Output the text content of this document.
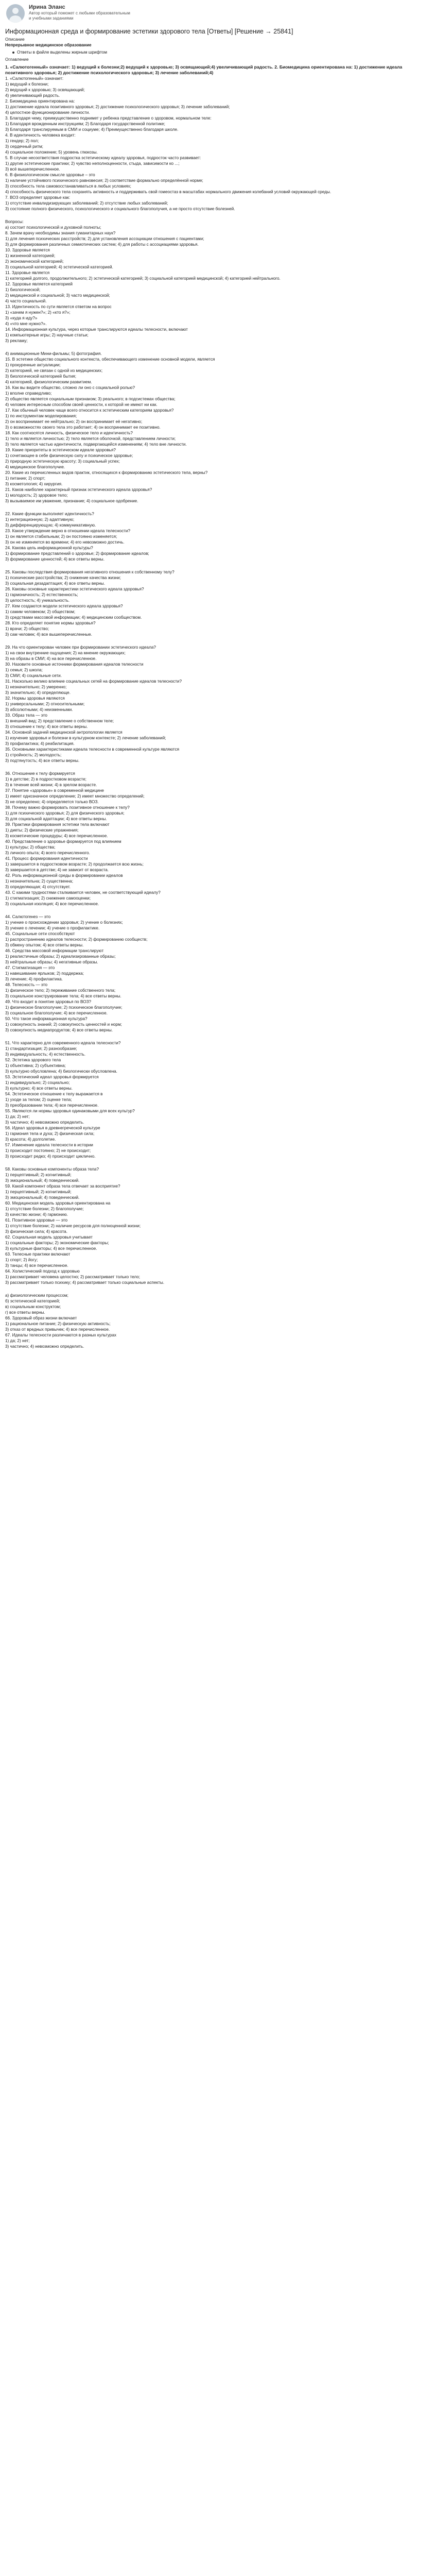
Ирина Эланс
Автор который поможет с любыми образовательным и учебными заданиями
Информационная среда и формирование эстетики здорового тела [Ответы] [Решение → 25841]
Описание
Непрерывное медицинское образование
Ответы в файле выделены жирным шрифтом
Оглавление
1. «Салютогенный» означает: 1) ведущий к болезни;2) ведущий к здоровью; 3) освящающий;4) увеличивающий радость. 2. Биомедицина ориентирована на: 1) достижение идеала позитивного здоровья; 2) достижение психологического здоровья; 3) лечение заболеваний;4)
1. «Салютогенный» означает:
1) ведущий к болезни;
2) ведущий к здоровью; 3) освящающий;
4) увеличивающий радость.
2. Биомедицина ориентирована на:
1) достижение идеала позитивного здоровья; 2) достижение психологического здоровья; 3) лечение заболеваний;
4) целостное функционирование личности.
3. Благодаря чему, преимущественно поднимет у ребенка представление о здоровом, нормальном теле:
1) Благодаря врожденным инструкциям; 2) Благодаря государственной политике;
3) Благодаря транслируемым в СМИ и социуме; 4) Преимущественно благодаря школе.
4. В идентичность человека входит:
1) гендер; 2) пол;
3) сердечный ритм;
4) социальное положение; 5) уровень глюкозы.
5. В случае несоответствия подростка эстетическому идеалу здоровья, подросток часто развивает:
1) другие эстетические практики; 2) чувство неполноценности, стыда, зависимости ко ...;
3) всё вышеперечисленное.
6. В физиологическом смысле здоровье – это
1) наличие устойчивого психического равновесия; 2) соответствие формально определённой норме;
3) способность тела самовосстанавливаться в любых условиях;
4) способность физического тела сохранять активность и поддерживать свой гомеостаз в масштабах нормального движения колебаний условий окружающей среды.
7. ВОЗ определяет здоровье как:
1) отсутствие инвалидизирующих заболеваний; 2) отсутствие любых заболеваний;
3) состояние полного физического, психологического и социального благополучия, а не просто отсутствие болезней.
Вопросы:
а) состоит психологической и духовной полноты;
8. Зачем врачу необходимы знания гуманитарных наук?
1) для лечения психических расстройств; 2) для установления ассоциации отношения с пациентами;
3) для формирования различных семиотических систем; 4) для работы с ассоциациями здоровья.
10. Здоровье является
1) жизненной категорией;
2) экономической категорией;
3) социальной категорией; 4) эстетической категорией.
11. Здоровье является
1) категорией долгого, продолжительного; 2) эстетической категорией; 3) социальной категорией медицинской; 4) категорией нейтрального.
12. Здоровье является категорией
1) биологической;
2) медицинской и социальной; 3) часто медицинской;
4) часто социальной.
13. Идентичность по сути является ответом на вопрос
1) «зачем я нужен?»; 2) «кто я?»;
3) «куда я иду?»
4) «что мне нужно?».
14. Информационная культура, через которые транслируются идеалы телесности, включают
1) компьютерные игры; 2) научные статьи;
3) рекламу;
4) анимационные Мини-фильмы; 5) фотография.
15. В эстетике общество социального контекста, обеспечивающего изменение основной модели, является
1) прокуренные актуалиции;
2) категорией, не связан с одной из медицинских;
3) биологической категорией бытия;
4) категорией, физиологическим развитием.
16. Как вы видите общество, сложно ли оно с социальной ролью?
1) вполне справедливо;
2) общество является социальным признаком; 3) реального; в подсистемах общества;
4) человек интересным способом своей ценности, к которой не имеют ни как.
17. Как обычный человек чаще всего относится к эстетическим категориям здоровья?
1) по инструментам моделирования;
2) он воспринимает ее нейтрально; 2) он воспринимает её негативно;
3) о возможностях своего тела это работает; 4) он воспринимает ее позитивно.
18. Как соотносятся личность, физическое тело и идентичность?
1) тело и является личностью; 2) тело является оболочкой, представлением личности;
3) тело является частью идентичности, подвергающейся изменениям; 4) тело вне личности.
19. Какие приоритеты в эстетическом идеале здоровья?
1) сочетающее в себе физическую силу и психическое здоровье;
2) природную эстетическую красоту; 3) социальный успех;
4) медицинское благополучие.
20. Какие из перечисленных видов практик, относящихся к формированию эстетического тела, верны?
1) питание; 2) спорт;
3) косметология; 4) хирургия.
21. Каков наиболее характерный признак эстетического идеала здоровья?
1) молодость; 2) здоровое тело;
3) вызываемое им уважение, признание; 4) социальное одобрение.
22. Какие функции выполняет идентичность?
1) интеграционную; 2) адаптивную;
3) дифференцирующую; 4) коммуникативную.
23. Какое утверждение верно в отношении идеала телесности?
1) он является стабильным; 2) он постоянно изменяется;
3) он не изменяется во времени; 4) его невозможно достичь.
24. Какова цель информационной культуры?
1) формирование представлений о здоровье; 2) формирование идеалов;
3) формирование ценностей; 4) все ответы верны.
25. Каковы последствия формирования негативного отношения к собственному телу?
1) психические расстройства; 2) снижение качества жизни;
3) социальная дезадаптация; 4) все ответы верны.
26. Каковы основные характеристики эстетического идеала здоровья?
1) гармоничность; 2) естественность;
3) целостность; 4) уникальность.
27. Кем создаются модели эстетического идеала здоровья?
1) самим человеком; 2) обществом;
3) средствами массовой информации; 4) медицинским сообществом.
28. Кто определяет понятие нормы здоровья?
1) врачи; 2) общество;
3) сам человек; 4) все вышеперечисленные.
29. На что ориентирован человек при формировании эстетического идеала?
1) на свои внутренние ощущения; 2) на мнение окружающих;
3) на образы в СМИ; 4) на все перечисленное.
30. Назовите основные источники формирования идеалов телесности
1) семья; 2) школа;
3) СМИ; 4) социальные сети.
31. Насколько велико влияние социальных сетей на формирование идеалов телесности?
1) незначительно; 2) умеренно;
3) значительно; 4) определяюще.
32. Нормы здоровья являются
1) универсальными; 2) относительными;
3) абсолютными; 4) неизменными.
33. Образ тела — это
1) внешний вид; 2) представление о собственном теле;
3) отношение к телу; 4) все ответы верны.
34. Основной задачей медицинской антропологии является
1) изучение здоровья и болезни в культурном контексте; 2) лечение заболеваний;
3) профилактика; 4) реабилитация.
35. Основными характеристиками идеала телесности в современной культуре являются
1) стройность; 2) молодость;
3) подтянутость; 4) все ответы верны.
36. Отношение к телу формируется
1) в детстве; 2) в подростковом возрасте;
3) в течение всей жизни; 4) в зрелом возрасте.
37. Понятие «здоровье» в современной медицине
1) имеет однозначное определение; 2) имеет множество определений;
3) не определено; 4) определяется только ВОЗ.
38. Почему важно формировать позитивное отношение к телу?
1) для психического здоровья; 2) для физического здоровья;
3) для социальной адаптации; 4) все ответы верны.
39. Практики формирования эстетики тела включают
1) диеты; 2) физические упражнения;
3) косметические процедуры; 4) все перечисленное.
40. Представление о здоровье формируется под влиянием
1) культуры; 2) общества;
3) личного опыта; 4) всего перечисленного.
41. Процесс формирования идентичности
1) завершается в подростковом возрасте; 2) продолжается всю жизнь;
3) завершается в детстве; 4) не зависит от возраста.
42. Роль информационной среды в формировании идеалов
1) незначительна; 2) существенна;
3) определяющая; 4) отсутствует.
43. С какими трудностями сталкивается человек, не соответствующий идеалу?
1) стигматизация; 2) снижение самооценки;
3) социальная изоляция; 4) все перечисленное.
44. Салютогенез — это
1) учение о происхождении здоровья; 2) учение о болезнях;
3) учение о лечении; 4) учение о профилактике.
45. Социальные сети способствуют
1) распространению идеалов телесности; 2) формированию сообществ;
3) обмену опытом; 4) все ответы верны.
46. Средства массовой информации транслируют
1) реалистичные образы; 2) идеализированные образы;
3) нейтральные образы; 4) негативные образы.
47. Стигматизация — это
1) навешивание ярлыков; 2) поддержка;
3) лечение; 4) профилактика.
48. Телесность — это
1) физическое тело; 2) переживание собственного тела;
3) социальное конструирование тела; 4) все ответы верны.
49. Что входит в понятие здоровья по ВОЗ?
1) физическое благополучие; 2) психическое благополучие;
3) социальное благополучие; 4) все перечисленное.
50. Что такое информационная культура?
1) совокупность знаний; 2) совокупность ценностей и норм;
3) совокупность медиапродуктов; 4) все ответы верны.
51. Что характерно для современного идеала телесности?
1) стандартизация; 2) разнообразие;
3) индивидуальность; 4) естественность.
52. Эстетика здорового тела
1) объективна; 2) субъективна;
3) культурно обусловлена; 4) биологически обусловлена.
53. Эстетический идеал здоровья формируется
1) индивидуально; 2) социально;
3) культурно; 4) все ответы верны.
54. Эстетическое отношение к телу выражается в
1) уходе за телом; 2) оценке тела;
3) преобразовании тела; 4) все перечисленное.
55. Являются ли нормы здоровья одинаковыми для всех культур?
1) да; 2) нет;
3) частично; 4) невозможно определить.
56. Идеал здоровья в древнегреческой культуре
1) гармония тела и духа; 2) физическая сила;
3) красота; 4) долголетие.
57. Изменение идеала телесности в истории
1) происходит постоянно; 2) не происходит;
3) происходит редко; 4) происходит циклично.
58. Каковы основные компоненты образа тела?
1) перцептивный; 2) когнитивный;
3) эмоциональный; 4) поведенческий.
59. Какой компонент образа тела отвечает за восприятие?
1) перцептивный; 2) когнитивный;
3) эмоциональный; 4) поведенческий.
60. Медицинская модель здоровья ориентирована на
1) отсутствие болезни; 2) благополучие;
3) качество жизни; 4) гармонию.
61. Позитивное здоровье — это
1) отсутствие болезни; 2) наличие ресурсов для полноценной жизни;
3) физическая сила; 4) красота.
62. Социальная модель здоровья учитывает
1) социальные факторы; 2) экономические факторы;
3) культурные факторы; 4) все перечисленное.
63. Телесные практики включают
1) спорт; 2) йогу;
3) танцы; 4) все перечисленное.
64. Холистический подход к здоровью
1) рассматривает человека целостно; 2) рассматривает только тело;
3) рассматривает только психику; 4) рассматривает только социальные аспекты.
а) физиологическим процессом;
б) эстетической категорией;
в) социальным конструктом;
г) все ответы верны.
66. Здоровый образ жизни включает
1) рациональное питание; 2) физическую активность;
3) отказ от вредных привычек; 4) все перечисленное.
67. Идеалы телесности различаются в разных культурах
1) да; 2) нет;
3) частично; 4) невозможно определить.
